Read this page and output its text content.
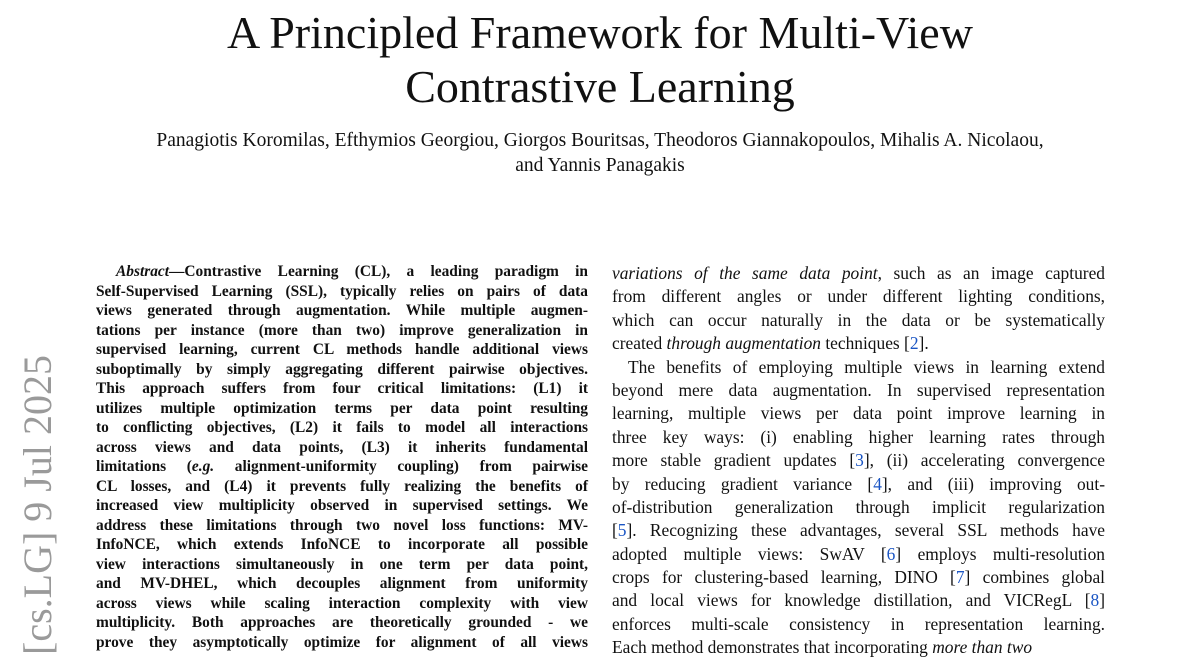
A Principled Framework for Multi-View
Contrastive Learning
Panagiotis Koromilas, Efthymios Georgiou, Giorgos Bouritsas, Theodoros Giannakopoulos, Mihalis A. Nicolaou,
and Yannis Panagakis
[cs.LG] 9 Jul 2025
Abstract—Contrastive Learning (CL), a leading paradigm in
Self-Supervised Learning (SSL), typically relies on pairs of data
views generated through augmentation. While multiple augmen-
tations per instance (more than two) improve generalization in
supervised learning, current CL methods handle additional views
suboptimally by simply aggregating different pairwise objectives.
This approach suffers from four critical limitations: (L1) it
utilizes multiple optimization terms per data point resulting
to conflicting objectives, (L2) it fails to model all interactions
across views and data points, (L3) it inherits fundamental
limitations (e.g. alignment-uniformity coupling) from pairwise
CL losses, and (L4) it prevents fully realizing the benefits of
increased view multiplicity observed in supervised settings. We
address these limitations through two novel loss functions: MV-
InfoNCE, which extends InfoNCE to incorporate all possible
view interactions simultaneously in one term per data point,
and MV-DHEL, which decouples alignment from uniformity
across views while scaling interaction complexity with view
multiplicity. Both approaches are theoretically grounded - we
prove they asymptotically optimize for alignment of all views
variations of the same data point, such as an image captured
from different angles or under different lighting conditions,
which can occur naturally in the data or be systematically
created through augmentation techniques [2].
The benefits of employing multiple views in learning extend
beyond mere data augmentation. In supervised representation
learning, multiple views per data point improve learning in
three key ways: (i) enabling higher learning rates through
more stable gradient updates [3], (ii) accelerating convergence
by reducing gradient variance [4], and (iii) improving out-
of-distribution generalization through implicit regularization
[5]. Recognizing these advantages, several SSL methods have
adopted multiple views: SwAV [6] employs multi-resolution
crops for clustering-based learning, DINO [7] combines global
and local views for knowledge distillation, and VICRegL [8]
enforces multi-scale consistency in representation learning.
Each method demonstrates that incorporating more than two
